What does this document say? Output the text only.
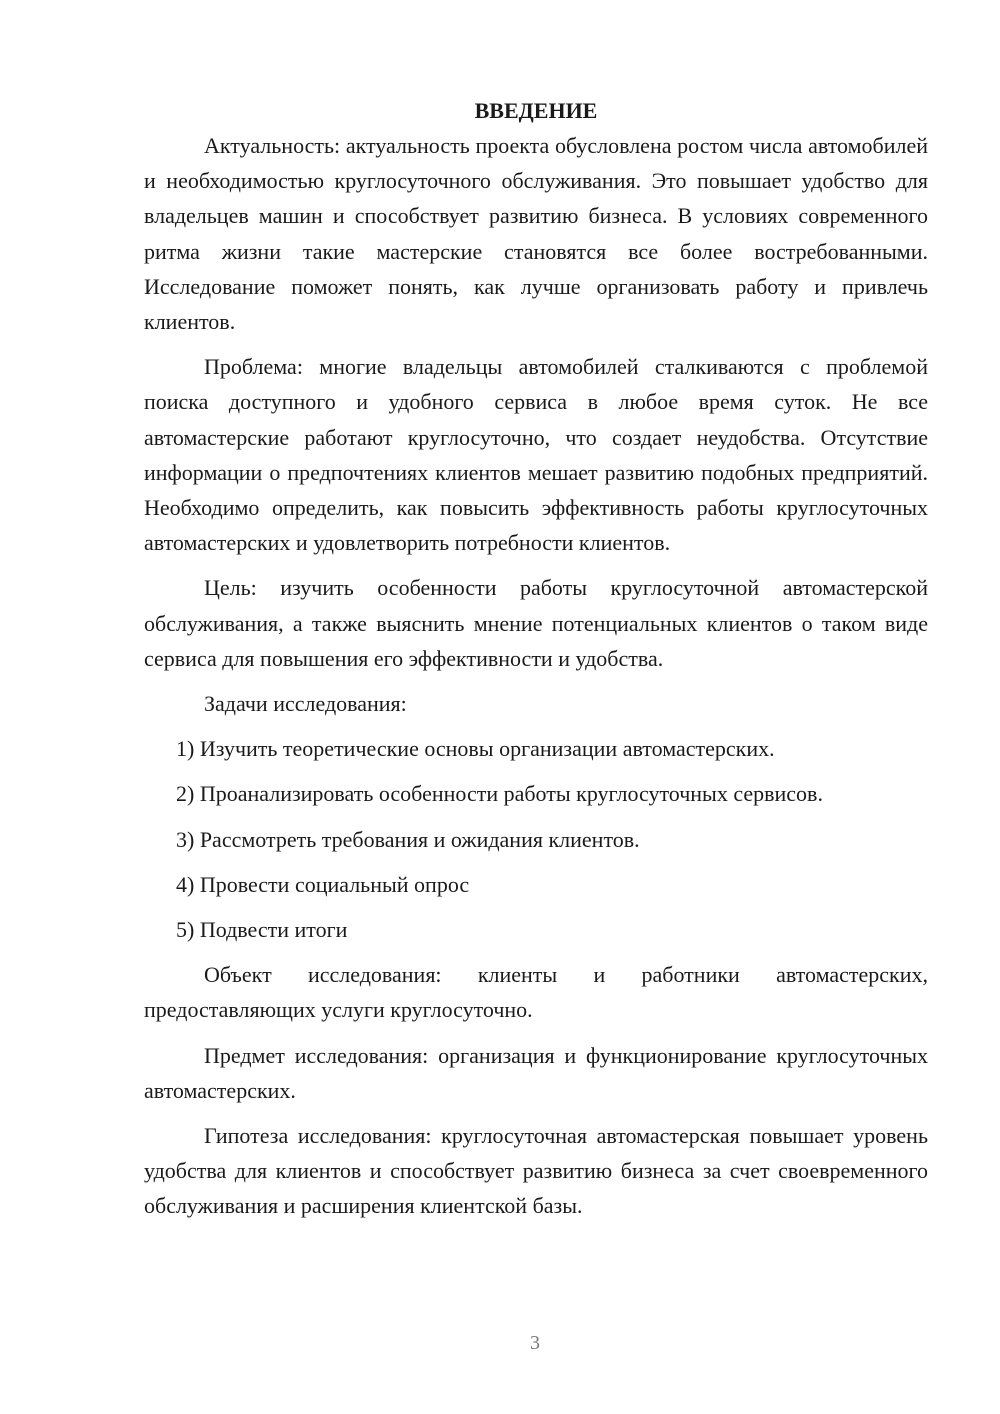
ВВЕДЕНИЕ

Актуальность: актуальность проекта обусловлена ростом числа автомобилей и необходимостью круглосуточного обслуживания. Это повышает удобство для владельцев машин и способствует развитию бизнеса. В условиях современного ритма жизни такие мастерские становятся все более востребованными. Исследование поможет понять, как лучше организовать работу и привлечь клиентов.

Проблема: многие владельцы автомобилей сталкиваются с проблемой поиска доступного и удобного сервиса в любое время суток. Не все автомастерские работают круглосуточно, что создает неудобства. Отсутствие информации о предпочтениях клиентов мешает развитию подобных предприятий. Необходимо определить, как повысить эффективность работы круглосуточных автомастерских и удовлетворить потребности клиентов.

Цель: изучить особенности работы круглосуточной автомастерской обслуживания, а также выяснить мнение потенциальных клиентов о таком виде сервиса для повышения его эффективности и удобства.

Задачи исследования:

1) Изучить теоретические основы организации автомастерских.
2) Проанализировать особенности работы круглосуточных сервисов.
3) Рассмотреть требования и ожидания клиентов.
4) Провести социальный опрос
5) Подвести итоги

Объект исследования: клиенты и работники автомастерских, предоставляющих услуги круглосуточно.

Предмет исследования: организация и функционирование круглосуточных автомастерских.

Гипотеза исследования: круглосуточная автомастерская повышает уровень удобства для клиентов и способствует развитию бизнеса за счет своевременного обслуживания и расширения клиентской базы.

3
